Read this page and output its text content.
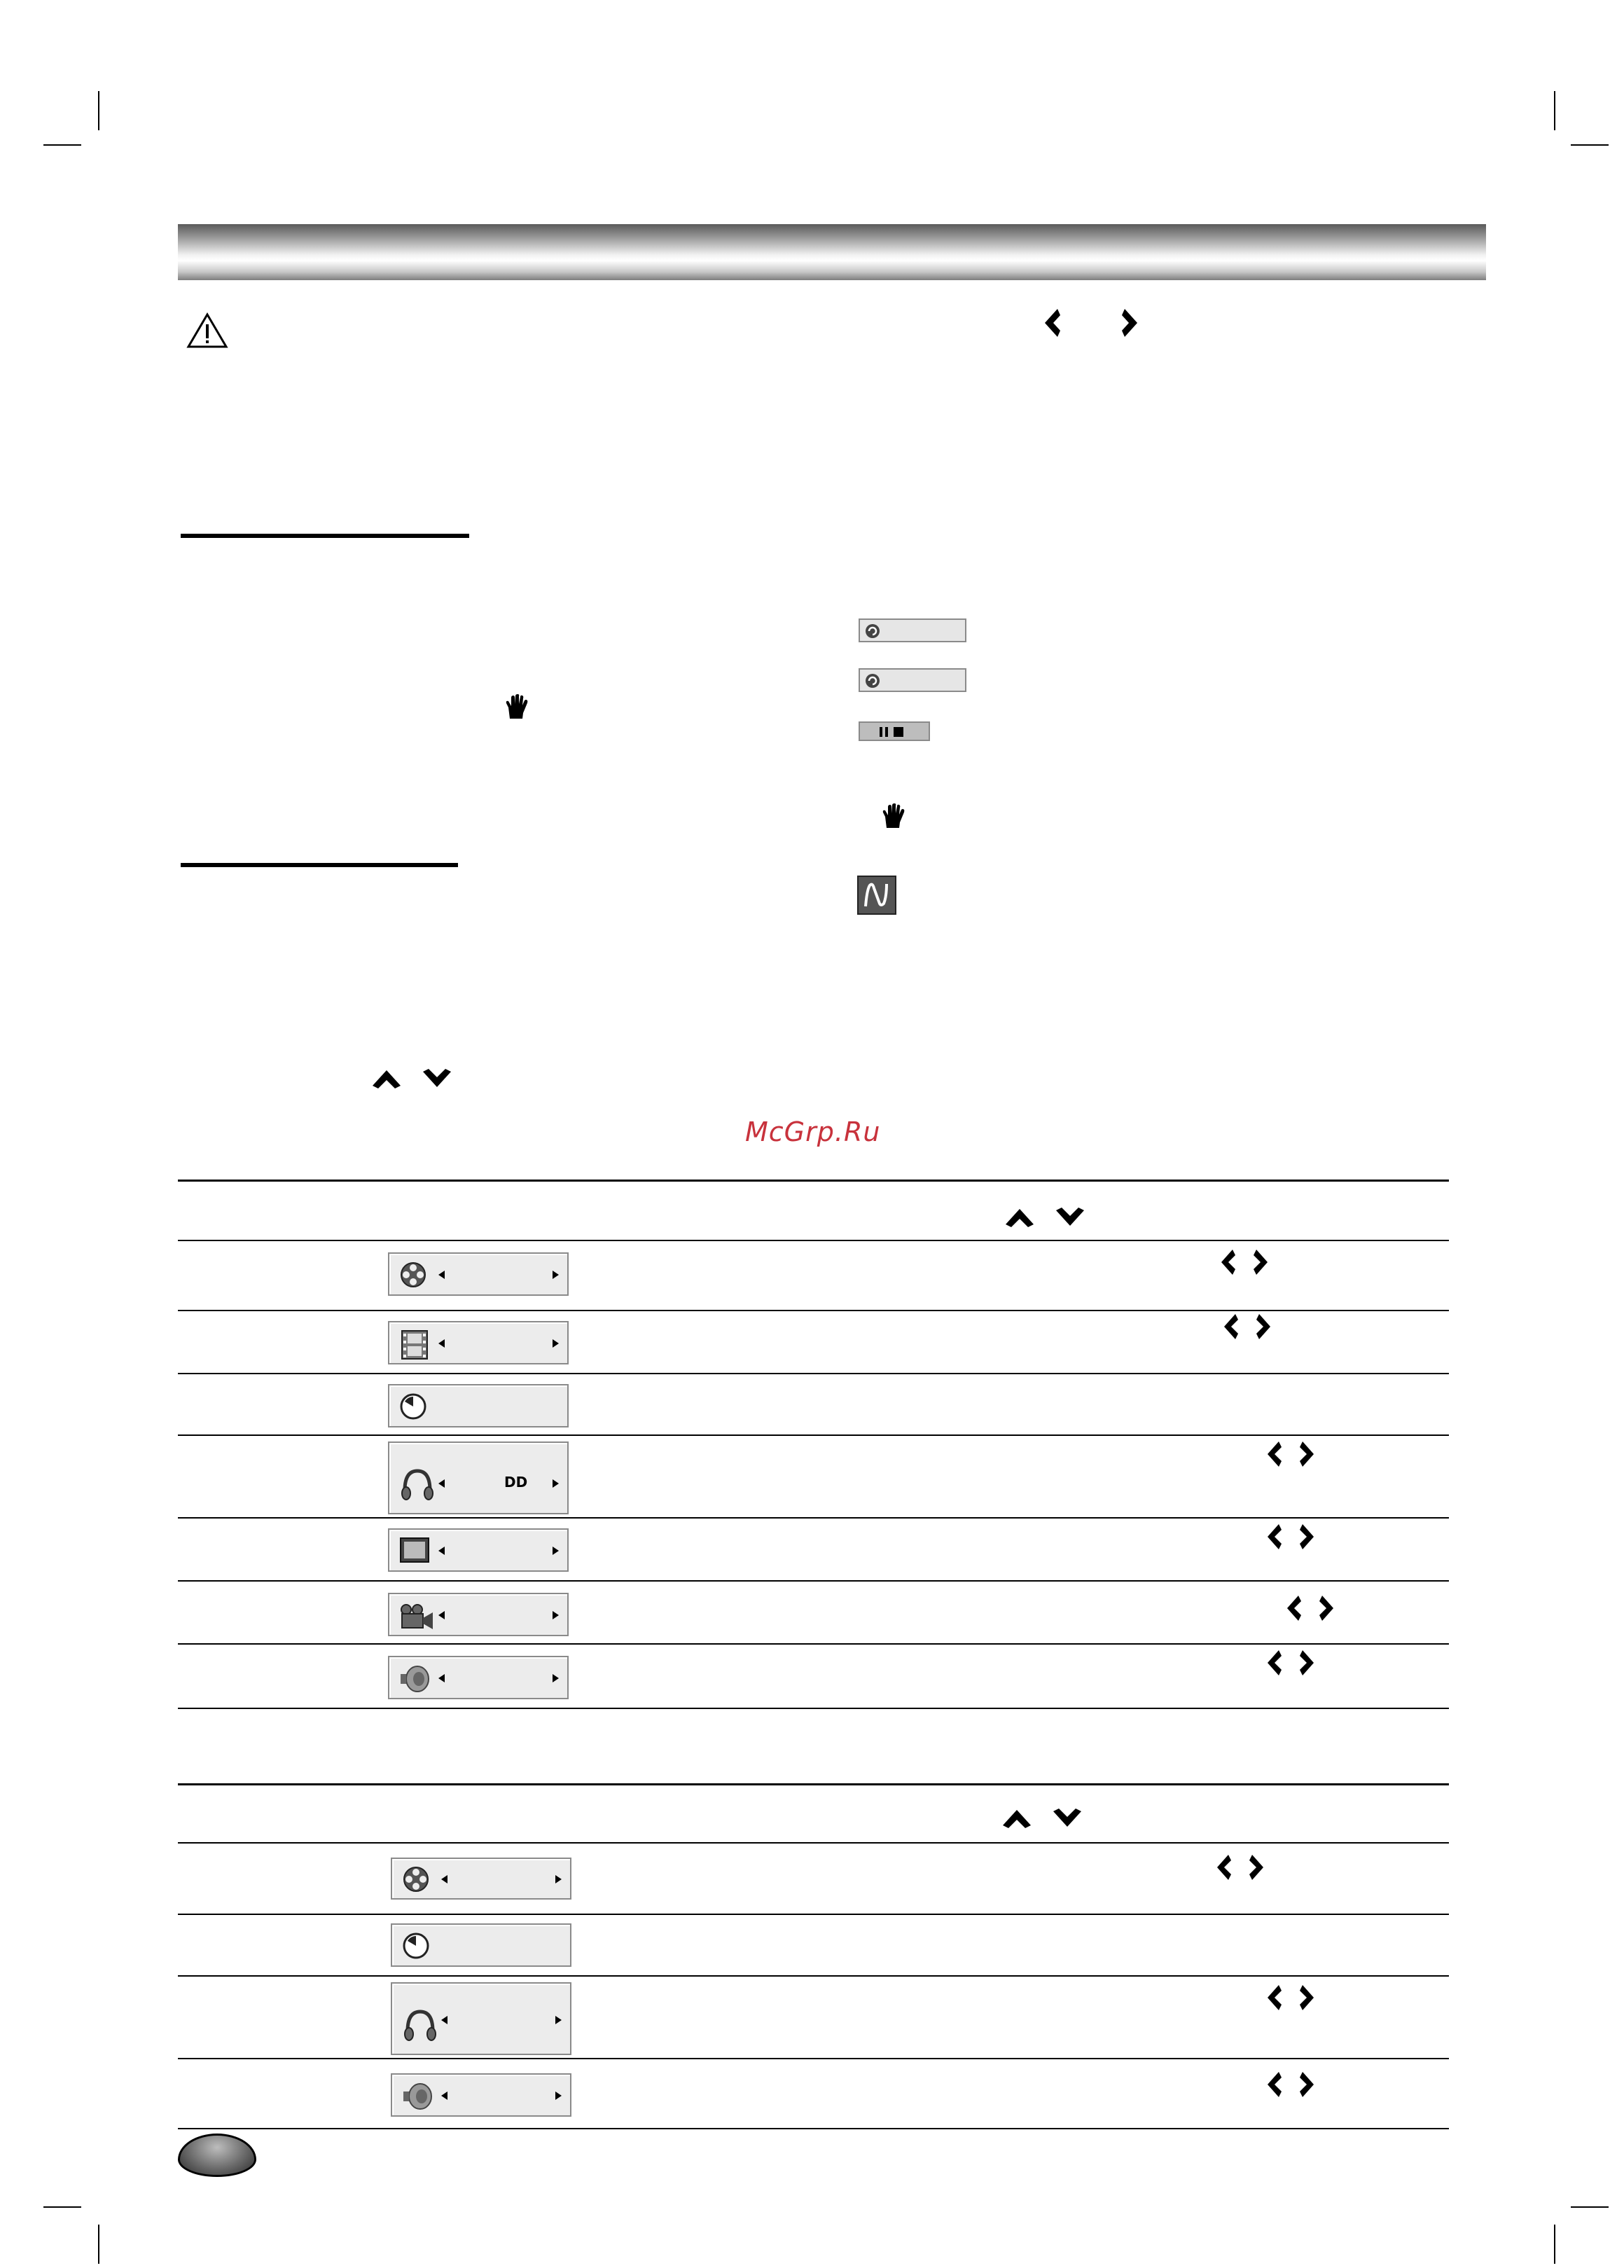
McGrp.Ru
DD
